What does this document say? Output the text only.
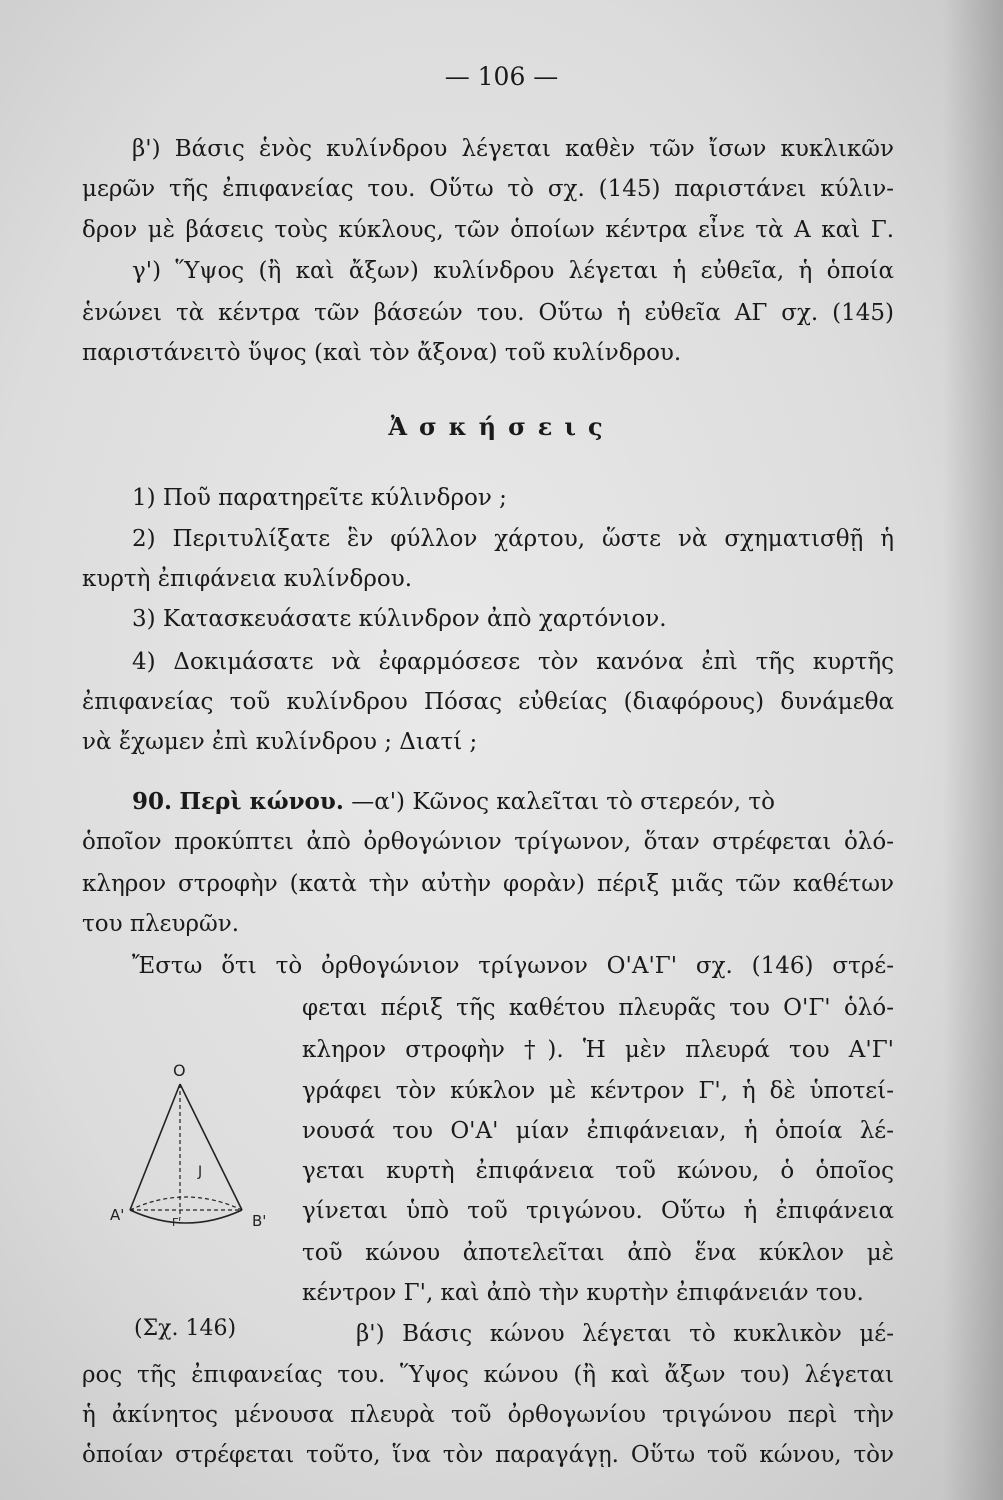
— 106 —
β') Βάσις ἑνὸς κυλίνδρου λέγεται καθὲν τῶν ἴσων κυκλικῶν
μερῶν τῆς ἐπιφανείας του. Οὕτω τὸ σχ. (145) παριστάνει κύλιν-
δρον μὲ βάσεις τοὺς κύκλους, τῶν ὁποίων κέντρα εἶνε τὰ Α καὶ Γ.
γ') Ὕψος (ἢ καὶ ἄξων) κυλίνδρου λέγεται ἡ εὐθεῖα, ἡ ὁποία
ἑνώνει τὰ κέντρα τῶν βάσεών του. Οὕτω ἡ εὐθεῖα ΑΓ σχ. (145)
παριστάνειτὸ ὕψος (καὶ τὸν ἄξονα) τοῦ κυλίνδρου.
Ἀσκήσεις
1) Ποῦ παρατηρεῖτε κύλινδρον ;
2) Περιτυλίξατε ἓν φύλλον χάρτου, ὥστε νὰ σχηματισθῇ ἡ
κυρτὴ ἐπιφάνεια κυλίνδρου.
3) Κατασκευάσατε κύλινδρον ἀπὸ χαρτόνιον.
4) Δοκιμάσατε νὰ ἐφαρμόσεσε τὸν κανόνα ἐπὶ τῆς κυρτῆς
ἐπιφανείας τοῦ κυλίνδρου Πόσας εὐθείας (διαφόρους) δυνάμεθα
νὰ ἔχωμεν ἐπὶ κυλίνδρου ; Διατί ;
90. Περὶ κώνου. —α') Κῶνος καλεῖται τὸ στερεόν, τὸ
ὁποῖον προκύπτει ἀπὸ ὀρθογώνιον τρίγωνον, ὅταν στρέφεται ὁλό-
κληρον στροφὴν (κατὰ τὴν αὐτὴν φορὰν) πέριξ μιᾶς τῶν καθέτων
του πλευρῶν.
Ἔστω ὅτι τὸ ὀρθογώνιον τρίγωνον Ο'Α'Γ' σχ. (146) στρέ-
φεται πέριξ τῆς καθέτου πλευρᾶς του Ο'Γ' ὁλό-
κληρον στροφὴν †). Ἡ μὲν πλευρά του Α'Γ'
γράφει τὸν κύκλον μὲ κέντρον Γ', ἡ δὲ ὑποτεί-
νουσά του Ο'Α' μίαν ἐπιφάνειαν, ἡ ὁποία λέ-
γεται κυρτὴ ἐπιφάνεια τοῦ κώνου, ὁ ὁποῖος
γίνεται ὑπὸ τοῦ τριγώνου. Οὕτω ἡ ἐπιφάνεια
τοῦ κώνου ἀποτελεῖται ἀπὸ ἕνα κύκλον μὲ
κέντρον Γ', καὶ ἀπὸ τὴν κυρτὴν ἐπιφάνειάν του.
O
J
A'	B'
Γ'
(Σχ. 146)	β') Βάσις κώνου λέγεται τὸ κυκλικὸν μέ-
ρος τῆς ἐπιφανείας του. Ὕψος κώνου (ἢ καὶ ἄξων του) λέγεται
ἡ ἀκίνητος μένουσα πλευρὰ τοῦ ὀρθογωνίου τριγώνου περὶ τὴν
ὁποίαν στρέφεται τοῦτο, ἵνα τὸν παραγάγῃ. Οὕτω τοῦ κώνου, τὸν
